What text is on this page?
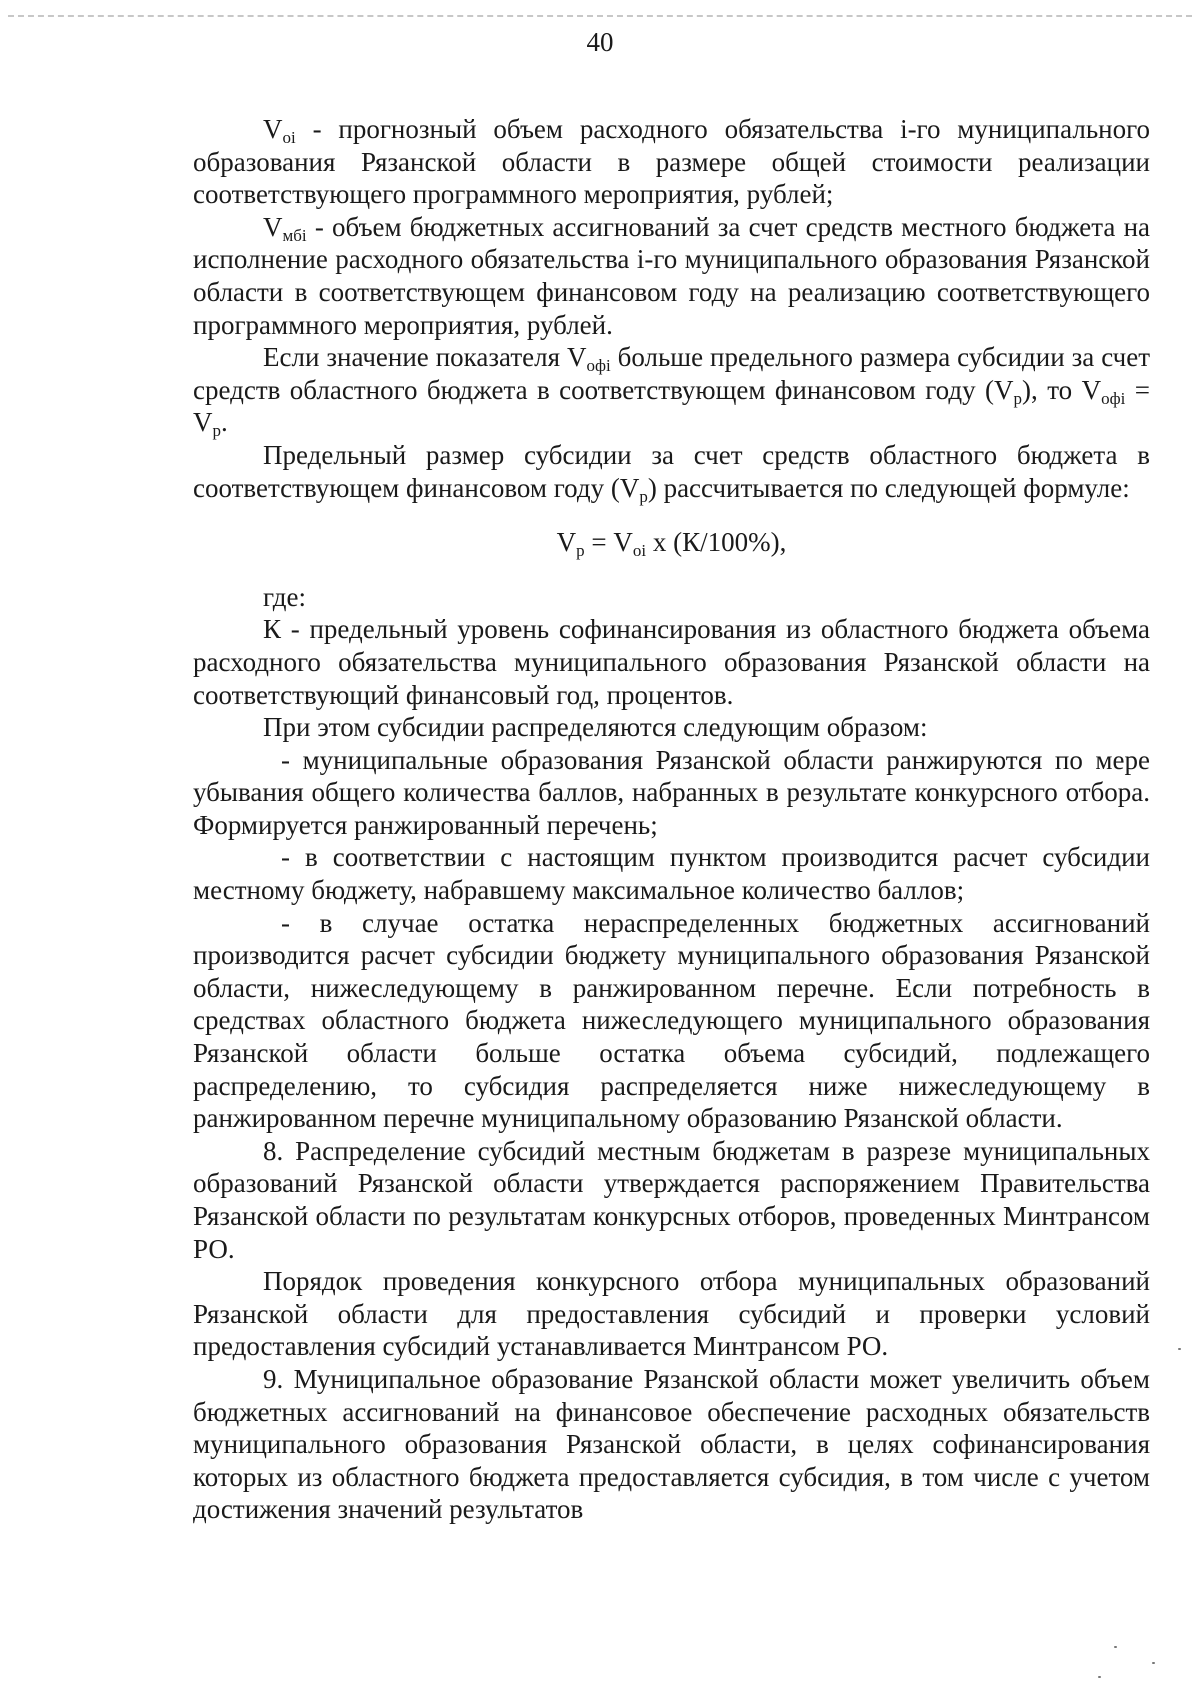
40

$V_{oi}$ - прогнозный объем расходного обязательства i-го муниципального образования Рязанской области в размере общей стоимости реализации соответствующего программного мероприятия, рублей;

$V_{мбi}$ - объем бюджетных ассигнований за счет средств местного бюджета на исполнение расходного обязательства i-го муниципального образования Рязанской области в соответствующем финансовом году на реализацию соответствующего программного мероприятия, рублей.

Если значение показателя $V_{офi}$ больше предельного размера субсидии за счет средств областного бюджета в соответствующем финансовом году $(V_р)$, то $V_{офi} = V_р$.

Предельный размер субсидии за счет средств областного бюджета в соответствующем финансовом году $(V_р)$ рассчитывается по следующей формуле:

$V_р = V_{oi}$ х (К/100%),

где:

К - предельный уровень софинансирования из областного бюджета объема расходного обязательства муниципального образования Рязанской области на соответствующий финансовый год, процентов.

При этом субсидии распределяются следующим образом:

- муниципальные образования Рязанской области ранжируются по мере убывания общего количества баллов, набранных в результате конкурсного отбора. Формируется ранжированный перечень;

- в соответствии с настоящим пунктом производится расчет субсидии местному бюджету, набравшему максимальное количество баллов;

- в случае остатка нераспределенных бюджетных ассигнований производится расчет субсидии бюджету муниципального образования Рязанской области, нижеследующему в ранжированном перечне. Если потребность в средствах областного бюджета нижеследующего муниципального образования Рязанской области больше остатка объема субсидий, подлежащего распределению, то субсидия распределяется ниже нижеследующему в ранжированном перечне муниципальному образованию Рязанской области.

8. Распределение субсидий местным бюджетам в разрезе муниципальных образований Рязанской области утверждается распоряжением Правительства Рязанской области по результатам конкурсных отборов, проведенных Минтрансом РО.

Порядок проведения конкурсного отбора муниципальных образований Рязанской области для предоставления субсидий и проверки условий предоставления субсидий устанавливается Минтрансом РО.

9. Муниципальное образование Рязанской области может увеличить объем бюджетных ассигнований на финансовое обеспечение расходных обязательств муниципального образования Рязанской области, в целях софинансирования которых из областного бюджета предоставляется субсидия, в том числе с учетом достижения значений результатов
